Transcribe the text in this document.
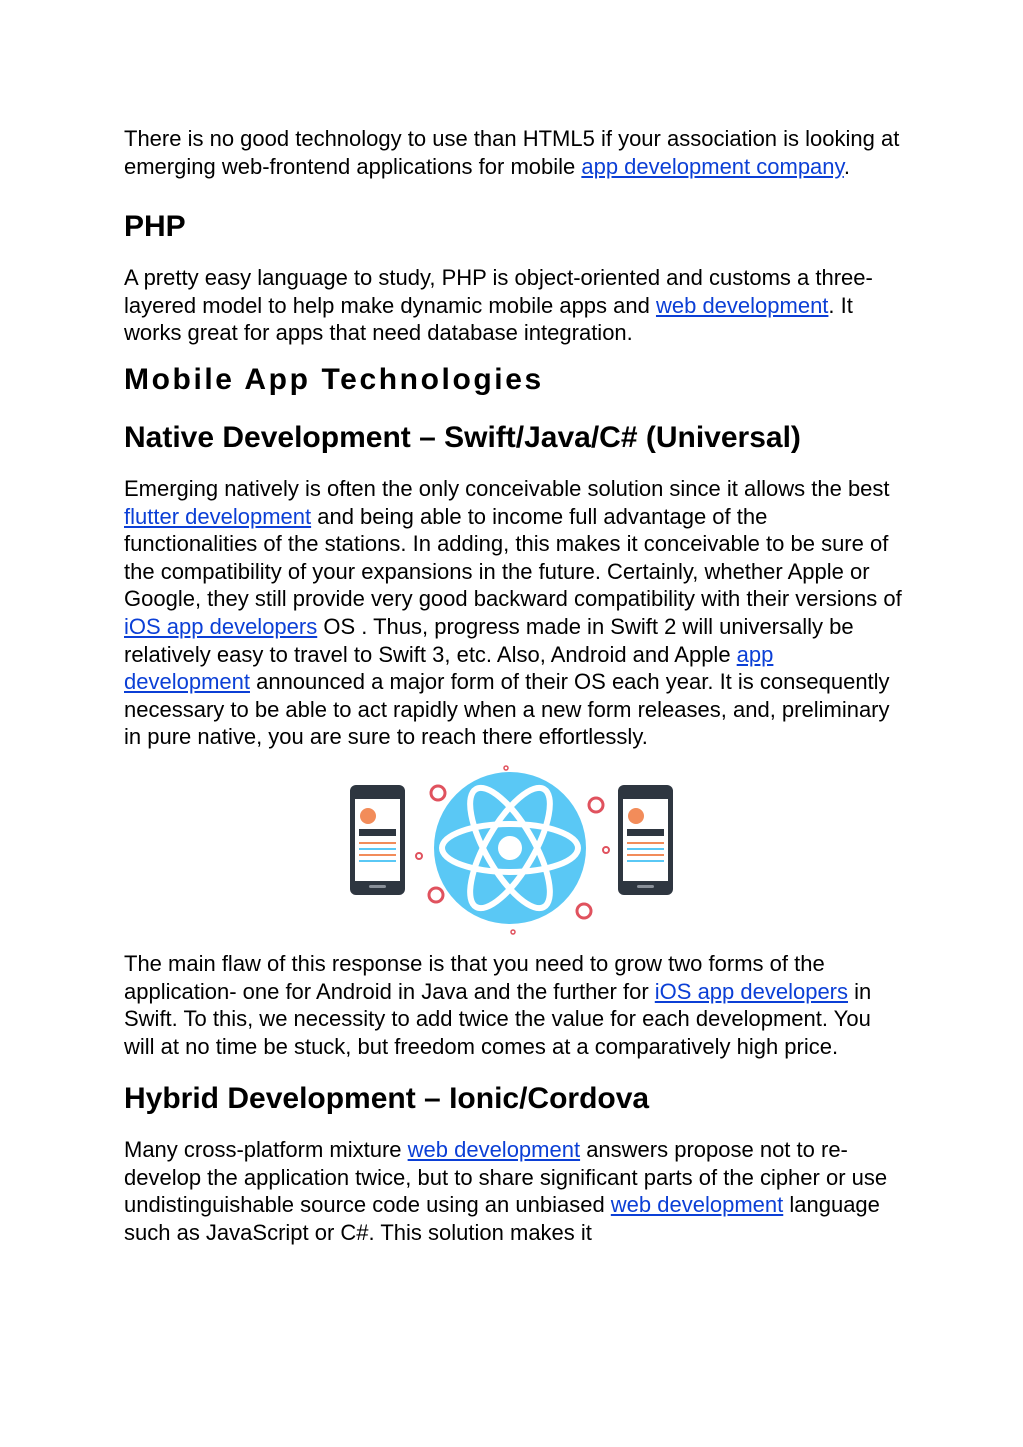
There is no good technology to use than HTML5 if your association is looking at emerging web-frontend applications for mobile app development company.

PHP

A pretty easy language to study, PHP is object-oriented and customs a three-layered model to help make dynamic mobile apps and web development. It works great for apps that need database integration.

Mobile App Technologies
Native Development – Swift/Java/C# (Universal)

Emerging natively is often the only conceivable solution since it allows the best flutter development and being able to income full advantage of the functionalities of the stations. In adding, this makes it conceivable to be sure of the compatibility of your expansions in the future. Certainly, whether Apple or Google, they still provide very good backward compatibility with their versions of iOS app developers OS . Thus, progress made in Swift 2 will universally be relatively easy to travel to Swift 3, etc. Also, Android and Apple app development announced a major form of their OS each year. It is consequently necessary to be able to act rapidly when a new form releases, and, preliminary in pure native, you are sure to reach there effortlessly.

The main flaw of this response is that you need to grow two forms of the application- one for Android in Java and the further for iOS app developers in Swift. To this, we necessity to add twice the value for each development. You will at no time be stuck, but freedom comes at a comparatively high price.

Hybrid Development – Ionic/Cordova

Many cross-platform mixture web development answers propose not to re-develop the application twice, but to share significant parts of the cipher or use undistinguishable source code using an unbiased web development language such as JavaScript or C#. This solution makes it
